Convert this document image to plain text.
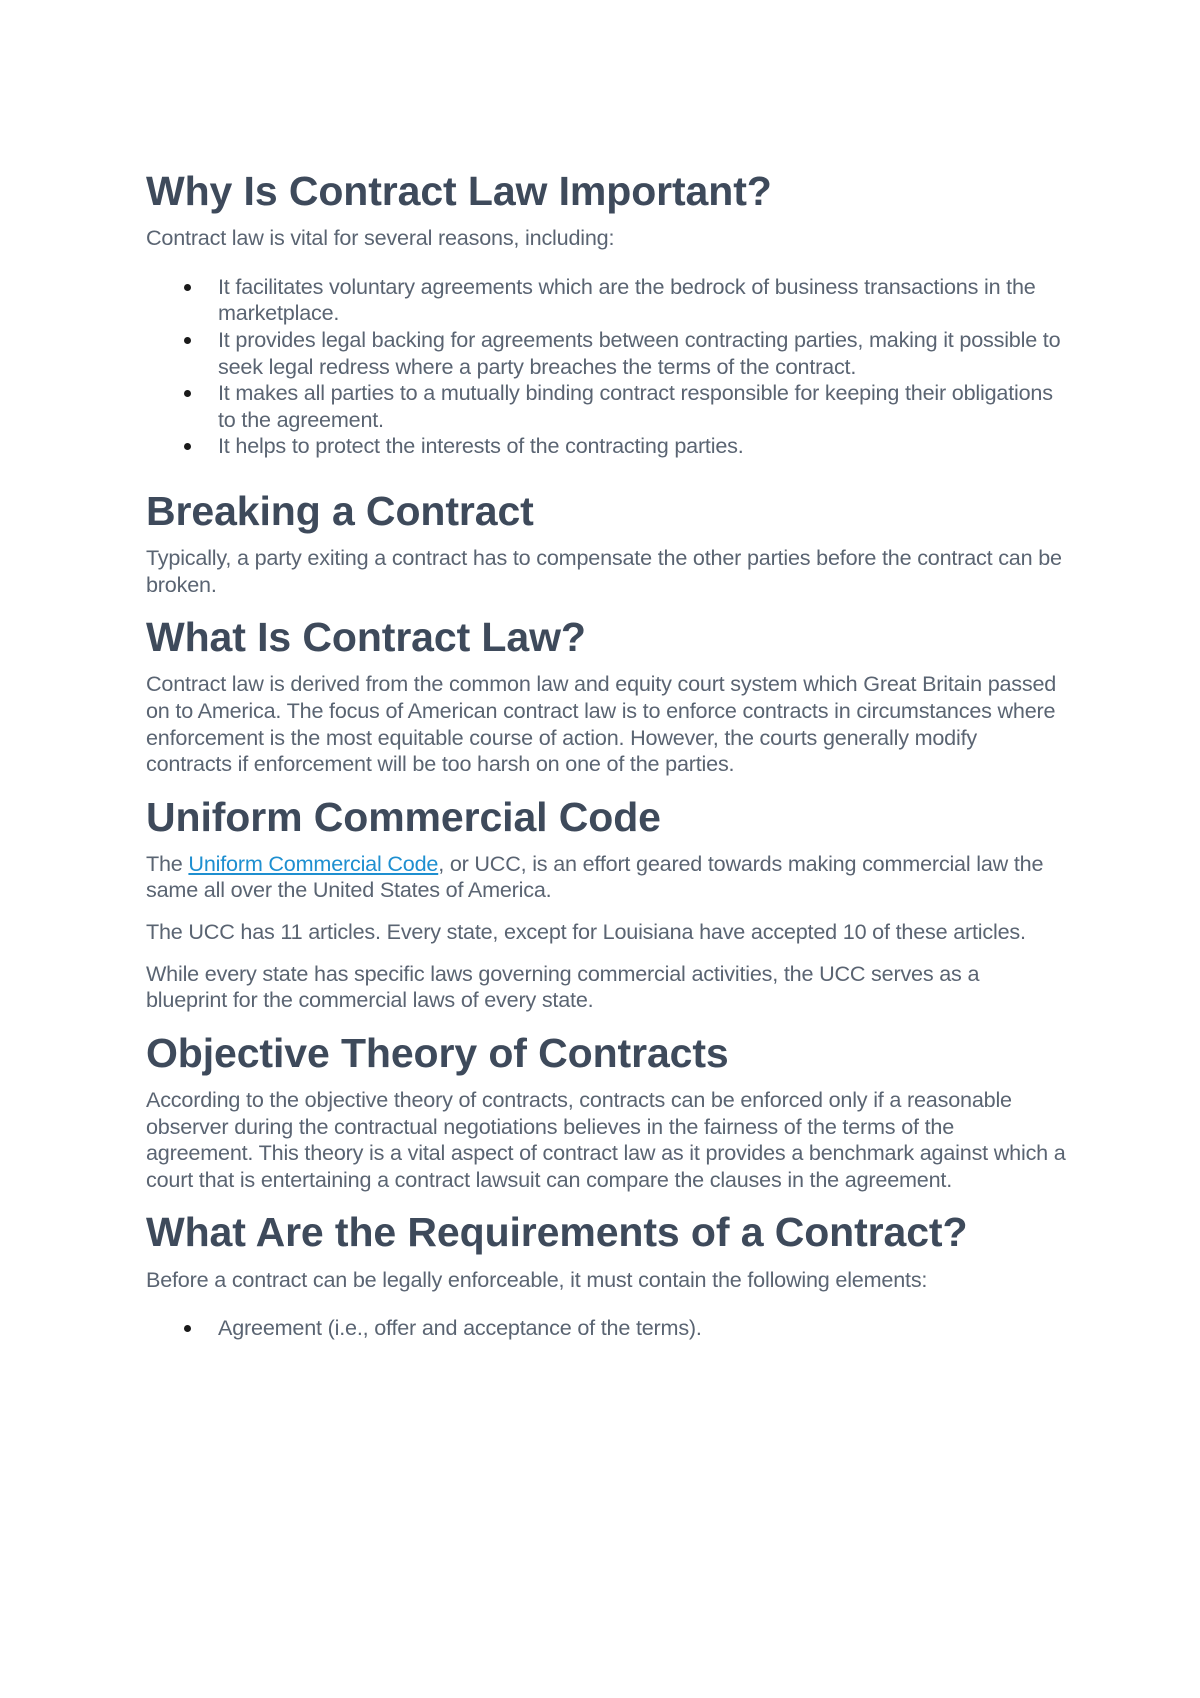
Why Is Contract Law Important?

Contract law is vital for several reasons, including:

It facilitates voluntary agreements which are the bedrock of business transactions in the marketplace.
It provides legal backing for agreements between contracting parties, making it possible to seek legal redress where a party breaches the terms of the contract.
It makes all parties to a mutually binding contract responsible for keeping their obligations to the agreement.
It helps to protect the interests of the contracting parties.
Breaking a Contract

Typically, a party exiting a contract has to compensate the other parties before the contract can be broken.

What Is Contract Law?

Contract law is derived from the common law and equity court system which Great Britain passed on to America. The focus of American contract law is to enforce contracts in circumstances where enforcement is the most equitable course of action. However, the courts generally modify contracts if enforcement will be too harsh on one of the parties.

Uniform Commercial Code

The Uniform Commercial Code, or UCC, is an effort geared towards making commercial law the same all over the United States of America.

The UCC has 11 articles. Every state, except for Louisiana have accepted 10 of these articles.

While every state has specific laws governing commercial activities, the UCC serves as a blueprint for the commercial laws of every state.

Objective Theory of Contracts

According to the objective theory of contracts, contracts can be enforced only if a reasonable observer during the contractual negotiations believes in the fairness of the terms of the agreement. This theory is a vital aspect of contract law as it provides a benchmark against which a court that is entertaining a contract lawsuit can compare the clauses in the agreement.

What Are the Requirements of a Contract?

Before a contract can be legally enforceable, it must contain the following elements:

Agreement (i.e., offer and acceptance of the terms).
